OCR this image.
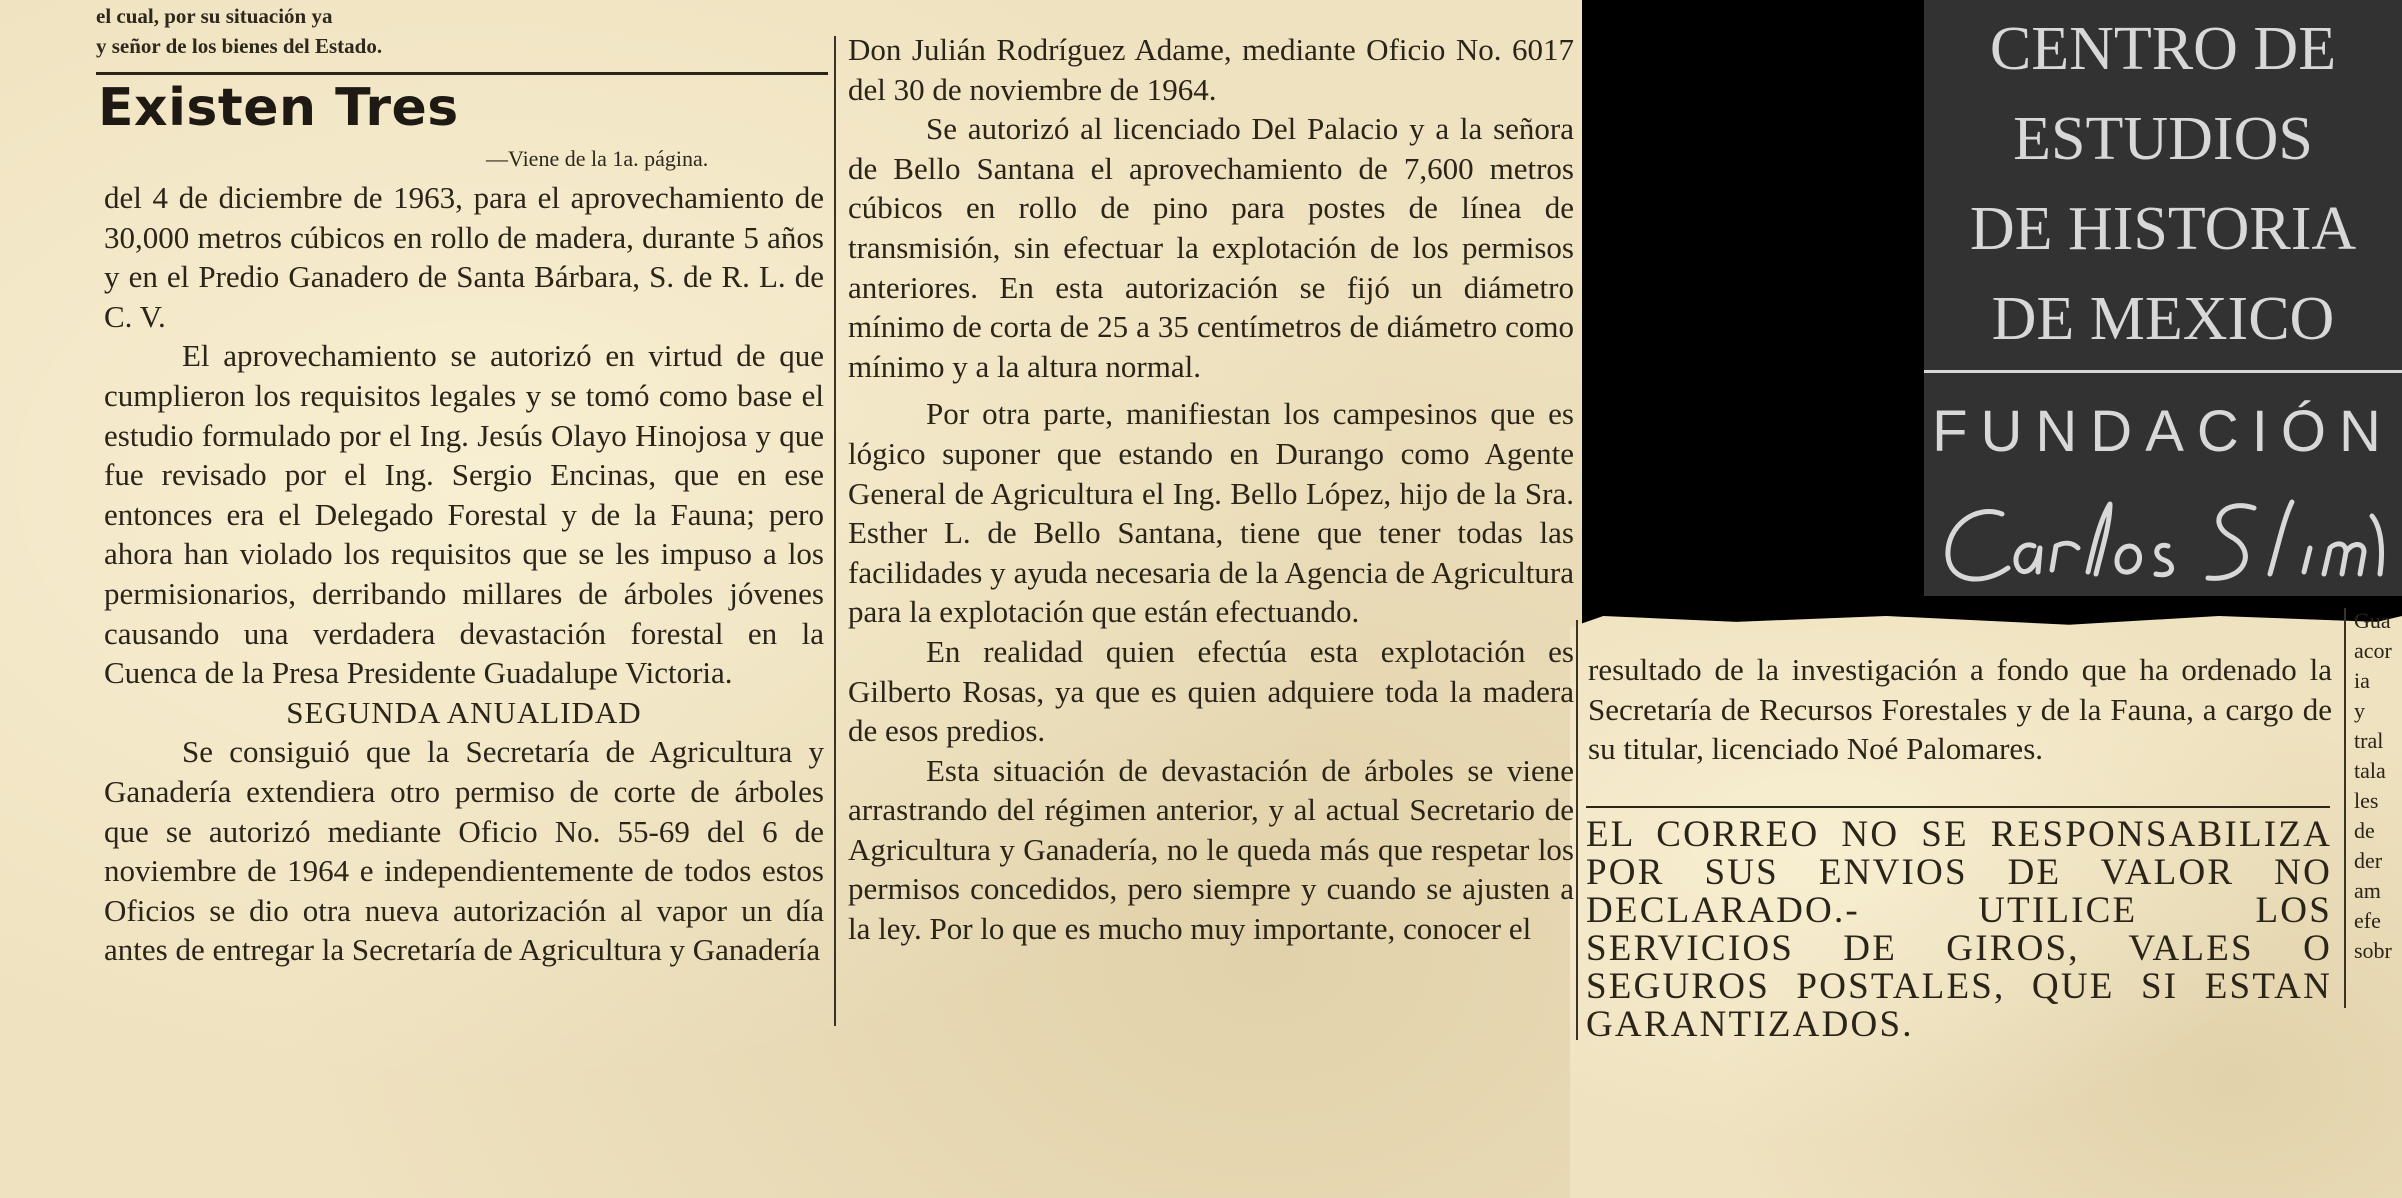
el cual, por su situación ya
y señor de los bienes del Estado.
Existen Tres
—Viene de la 1a. página.

del 4 de diciembre de 1963, para el aprovechamiento de 30,000 metros cúbicos en rollo de madera, durante 5 años y en el Predio Ganadero de Santa Bárbara, S. de R. L. de C. V.

El aprovechamiento se autorizó en virtud de que cumplieron los requisitos legales y se tomó como base el estudio formulado por el Ing. Jesús Olayo Hinojosa y que fue revisado por el Ing. Sergio Encinas, que en ese entonces era el Delegado Forestal y de la Fauna; pero ahora han violado los requisitos que se les impuso a los permisionarios, derribando millares de árboles jóvenes causando una verdadera devastación forestal en la Cuenca de la Presa Presidente Guadalupe Victoria.

SEGUNDA ANUALIDAD

Se consiguió que la Secretaría de Agricultura y Ganadería extendiera otro permiso de corte de árboles que se autorizó mediante Oficio No. 55-69 del 6 de noviembre de 1964 e independientemente de todos estos Oficios se dio otra nueva autorización al vapor un día antes de entregar la Secretaría de Agricultura y Ganadería

Don Julián Rodríguez Adame, mediante Oficio No. 6017 del 30 de noviembre de 1964.

Se autorizó al licenciado Del Palacio y a la señora de Bello Santana el aprovechamiento de 7,600 metros cúbicos en rollo de pino para postes de línea de transmisión, sin efectuar la explotación de los permisos anteriores. En esta autorización se fijó un diámetro mínimo de corta de 25 a 35 centímetros de diámetro como mínimo y a la altura normal.

Por otra parte, manifiestan los campesinos que es lógico suponer que estando en Durango como Agente General de Agricultura el Ing. Bello López, hijo de la Sra. Esther L. de Bello Santana, tiene que tener todas las facilidades y ayuda necesaria de la Agencia de Agricultura para la explotación que están efectuando.

En realidad quien efectúa esta explotación es Gilberto Rosas, ya que es quien adquiere toda la madera de esos predios.

Esta situación de devastación de árboles se viene arrastrando del régimen anterior, y al actual Secretario de Agricultura y Ganadería, no le queda más que respetar los permisos concedidos, pero siempre y cuando se ajusten a la ley. Por lo que es mucho muy importante, conocer el

resultado de la investigación a fondo que ha ordenado la Secretaría de Recursos Forestales y de la Fauna, a cargo de su titular, licenciado Noé Palomares.

EL CORREO NO SE RESPONSABILIZA POR SUS ENVIOS DE VALOR NO DECLARADO.- UTILICE LOS SERVICIOS DE GIROS, VALES O SEGUROS POSTALES, QUE SI ESTAN GARANTIZADOS.
Gua
acor
ia
y
tral
tala
les
de
der
am
efe
sobr
CENTRO DE
ESTUDIOS
DE HISTORIA
DE MEXICO
FUNDACIÓN
